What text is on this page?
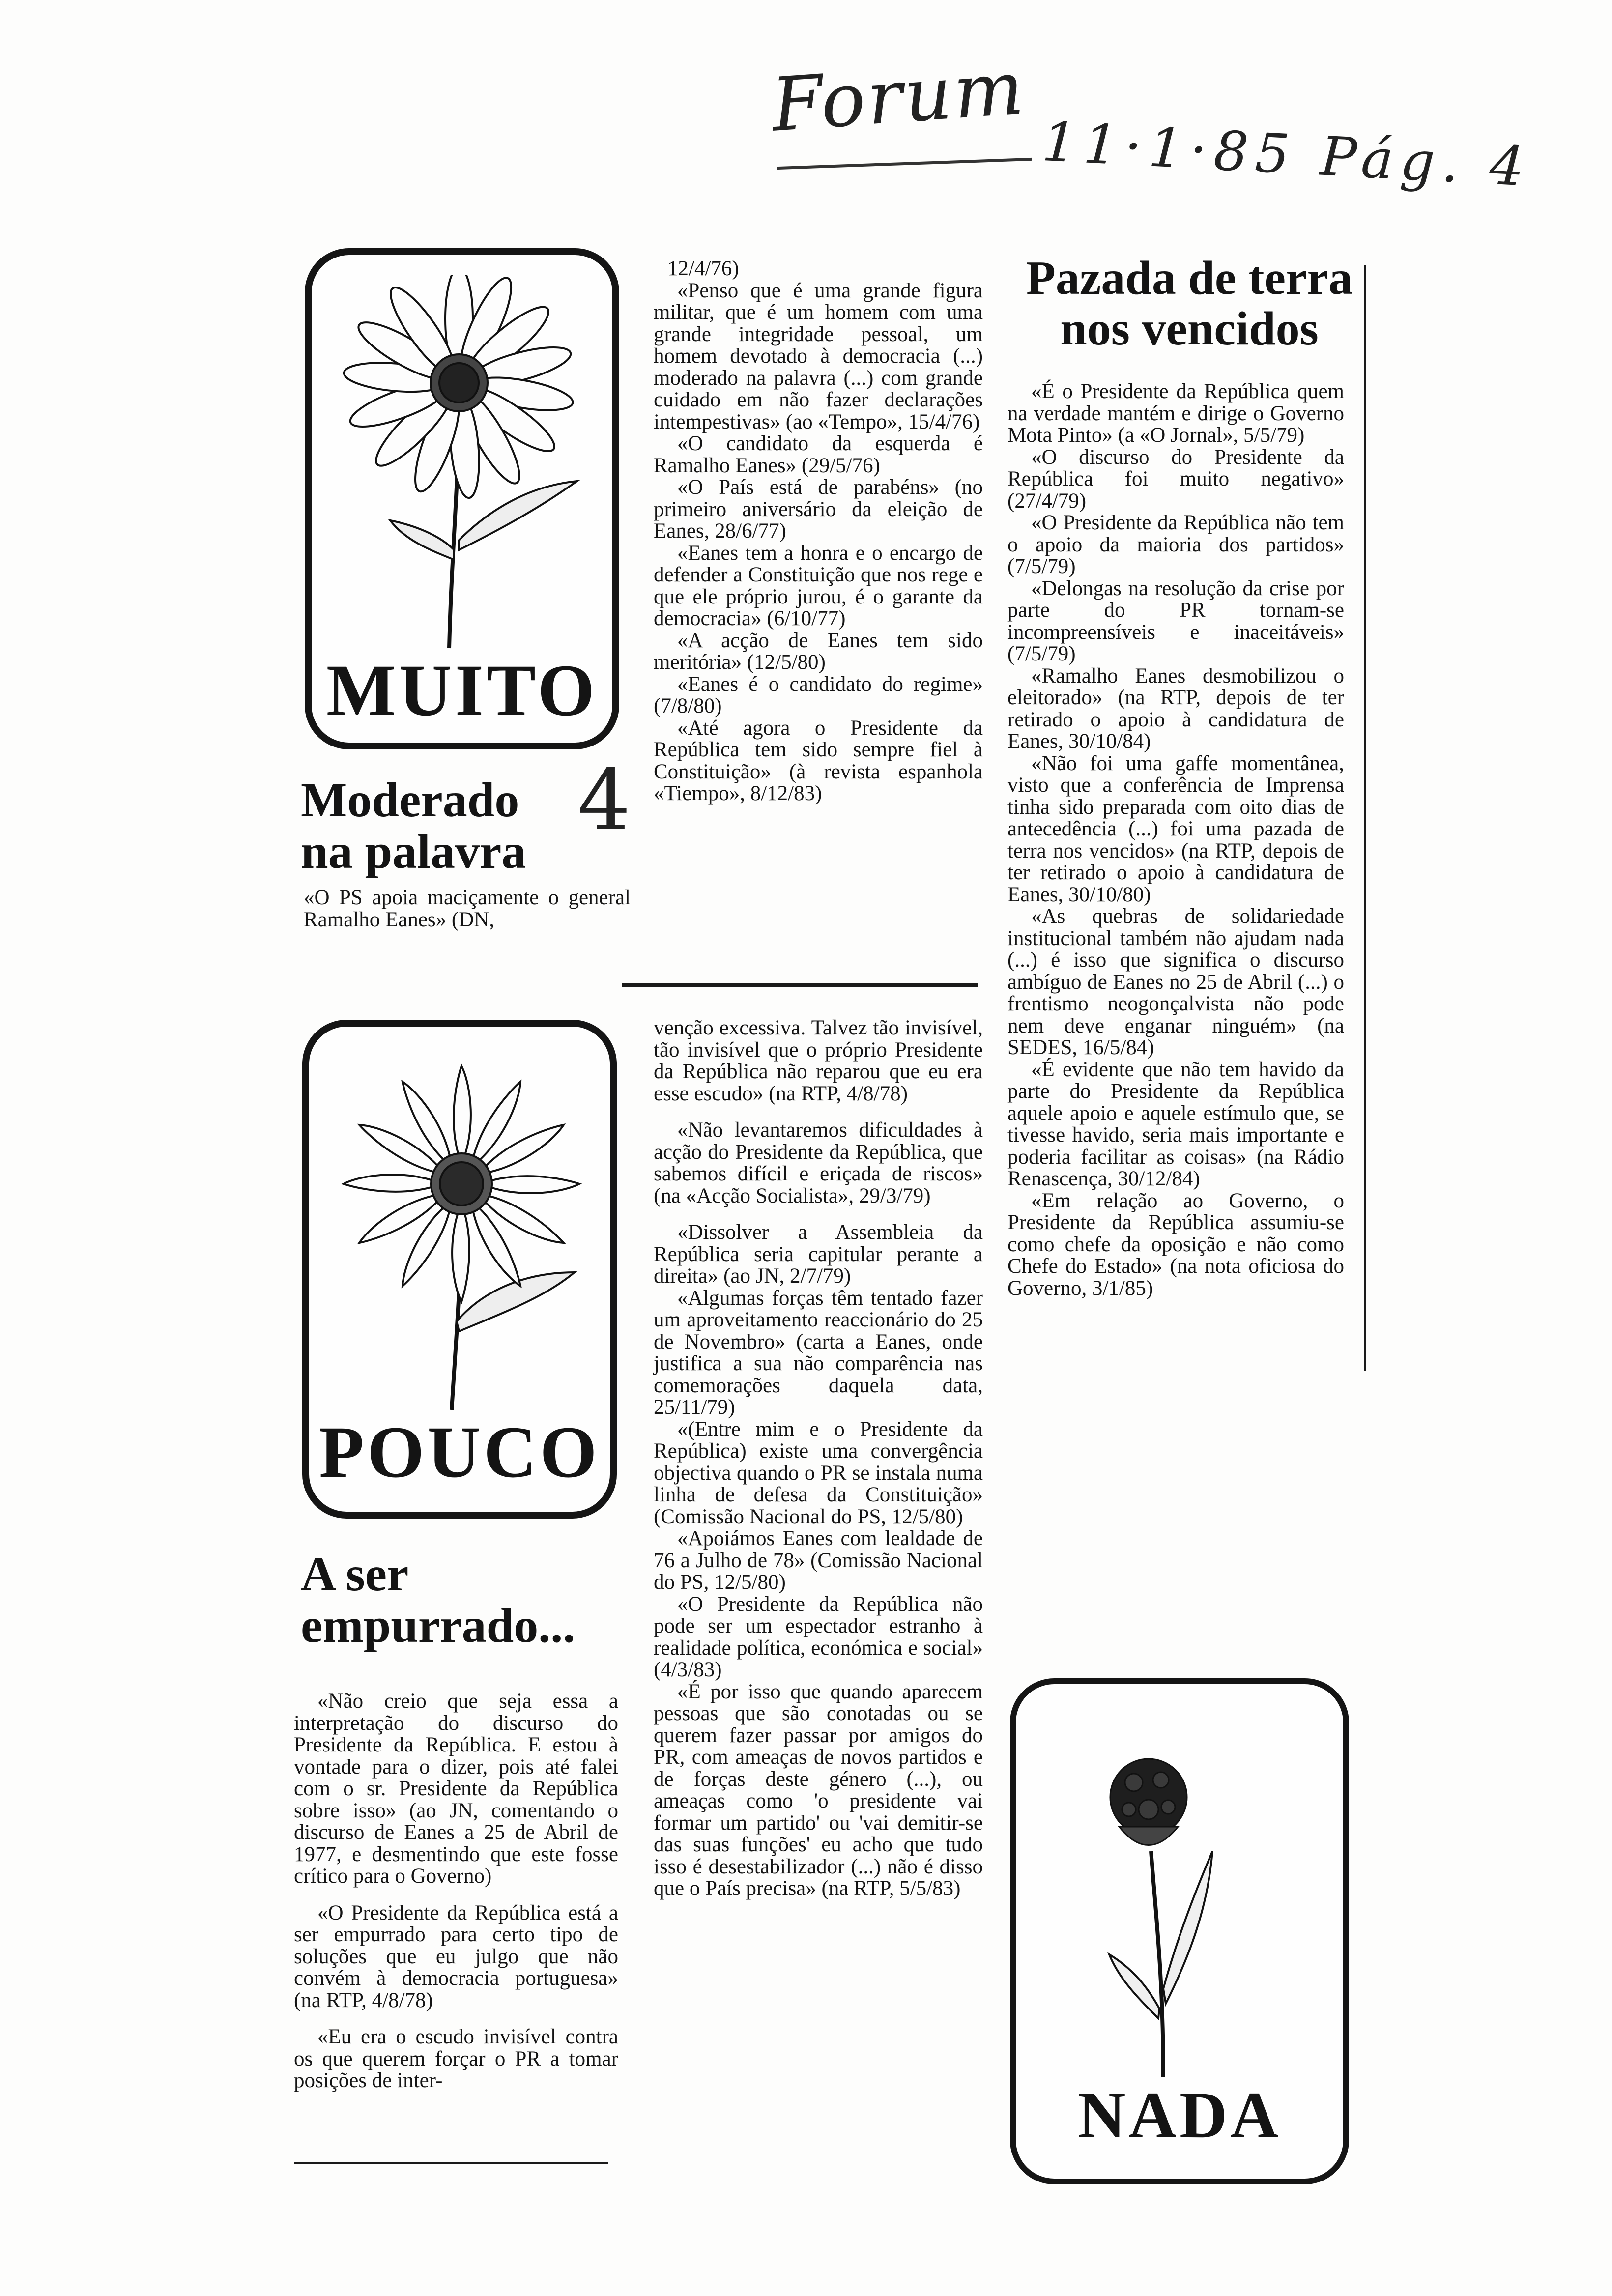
Forum
11·1·85 Pág. 4
MUITO
Moderado
na palavra
4

«O PS apoia maciçamente o general Ramalho Eanes» (DN,

POUCO
A ser
empurrado...

«Não creio que seja essa a interpretação do discurso do Presidente da República. E estou à vontade para o dizer, pois até falei com o sr. Presidente da República sobre isso» (ao JN, comentando o discurso de Eanes a 25 de Abril de 1977, e desmentindo que este fosse crítico para o Governo)

«O Presidente da República está a ser empurrado para certo tipo de soluções que eu julgo que não convém à democracia portuguesa» (na RTP, 4/8/78)

«Eu era o escudo invisível contra os que querem forçar o PR a tomar posições de inter-

12/4/76)

«Penso que é uma grande figura militar, que é um homem com uma grande integridade pessoal, um homem devotado à democracia (...) moderado na palavra (...) com grande cuidado em não fazer declarações intempestivas» (ao «Tempo», 15/4/76)

«O candidato da esquerda é Ramalho Eanes» (29/5/76)

«O País está de parabéns» (no primeiro aniversário da eleição de Eanes, 28/6/77)

«Eanes tem a honra e o encargo de defender a Constituição que nos rege e que ele próprio jurou, é o garante da democracia» (6/10/77)

«A acção de Eanes tem sido meritória» (12/5/80)

«Eanes é o candidato do regime» (7/8/80)

«Até agora o Presidente da República tem sido sempre fiel à Constituição» (à revista espanhola «Tiempo», 8/12/83)

venção excessiva. Talvez tão invisível, tão invisível que o próprio Presidente da República não reparou que eu era esse escudo» (na RTP, 4/8/78)

«Não levantaremos dificuldades à acção do Presidente da República, que sabemos difícil e eriçada de riscos» (na «Acção Socialista», 29/3/79)

«Dissolver a Assembleia da República seria capitular perante a direita» (ao JN, 2/7/79)

«Algumas forças têm tentado fazer um aproveitamento reaccionário do 25 de Novembro» (carta a Eanes, onde justifica a sua não comparência nas comemorações daquela data, 25/11/79)

«(Entre mim e o Presidente da República) existe uma convergência objectiva quando o PR se instala numa linha de defesa da Constituição» (Comissão Nacional do PS, 12/5/80)

«Apoiámos Eanes com lealdade de 76 a Julho de 78» (Comissão Nacional do PS, 12/5/80)

«O Presidente da República não pode ser um espectador estranho à realidade política, económica e social» (4/3/83)

«É por isso que quando aparecem pessoas que são conotadas ou se querem fazer passar por amigos do PR, com ameaças de novos partidos e de forças deste género (...), ou ameaças como 'o presidente vai formar um partido' ou 'vai demitir-se das suas funções' eu acho que tudo isso é desestabilizador (...) não é disso que o País precisa» (na RTP, 5/5/83)

Pazada de terra
nos vencidos

«É o Presidente da República quem na verdade mantém e dirige o Governo Mota Pinto» (a «O Jornal», 5/5/79)

«O discurso do Presidente da República foi muito negativo» (27/4/79)

«O Presidente da República não tem o apoio da maioria dos partidos» (7/5/79)

«Delongas na resolução da crise por parte do PR tornam-se incompreensíveis e inaceitáveis» (7/5/79)

«Ramalho Eanes desmobilizou o eleitorado» (na RTP, depois de ter retirado o apoio à candidatura de Eanes, 30/10/84)

«Não foi uma gaffe momentânea, visto que a conferência de Imprensa tinha sido preparada com oito dias de antecedência (...) foi uma pazada de terra nos vencidos» (na RTP, depois de ter retirado o apoio à candidatura de Eanes, 30/10/80)

«As quebras de solidariedade institucional também não ajudam nada (...) é isso que significa o discurso ambíguo de Eanes no 25 de Abril (...) o frentismo neogonçalvista não pode nem deve enganar ninguém» (na SEDES, 16/5/84)

«É evidente que não tem havido da parte do Presidente da República aquele apoio e aquele estímulo que, se tivesse havido, seria mais importante e poderia facilitar as coisas» (na Rádio Renascença, 30/12/84)

«Em relação ao Governo, o Presidente da República assumiu-se como chefe da oposição e não como Chefe do Estado» (na nota oficiosa do Governo, 3/1/85)

NADA
